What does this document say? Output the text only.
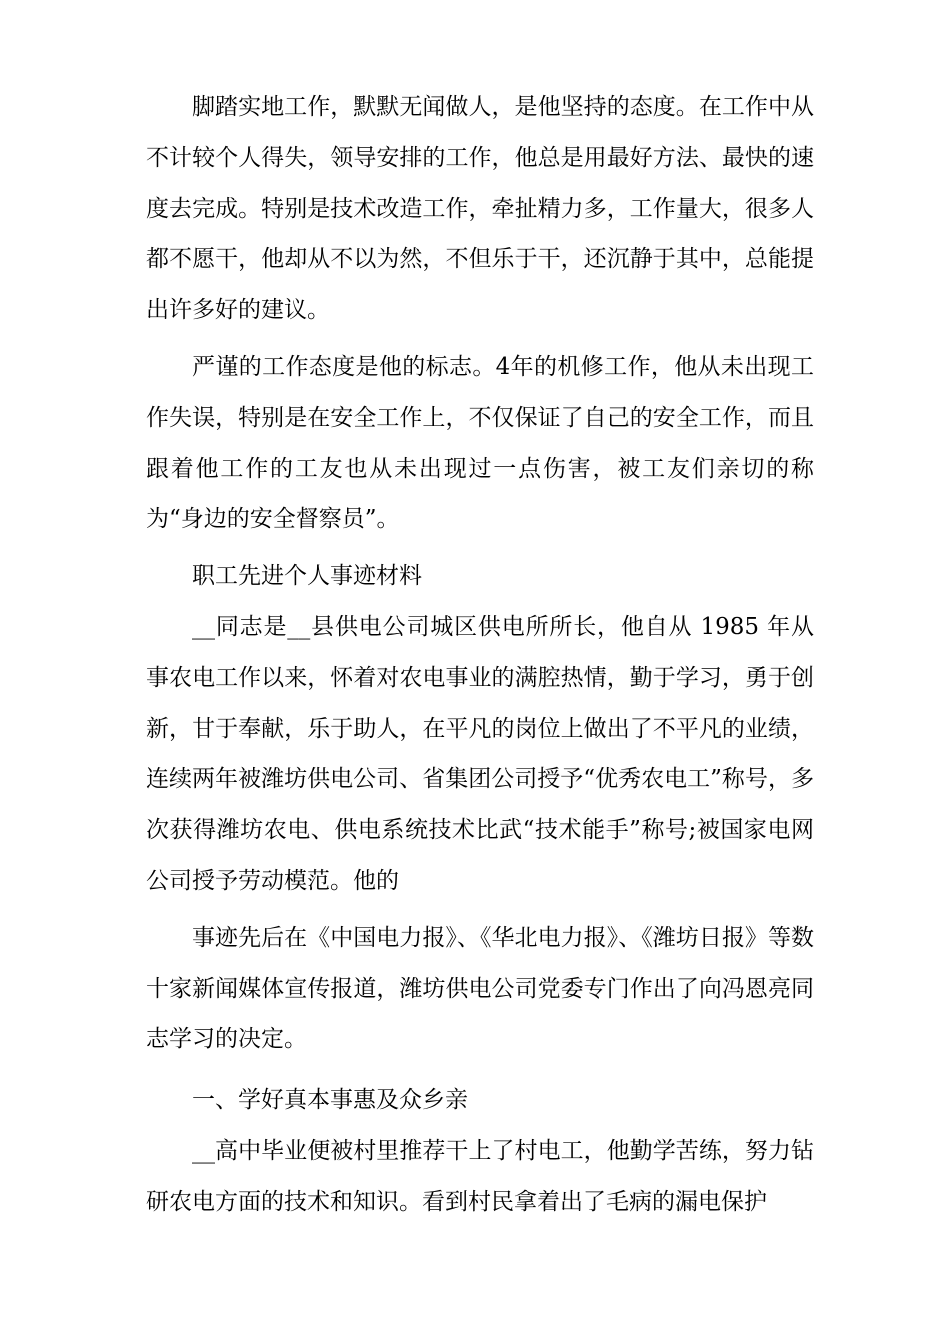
脚踏实地工作，默默无闻做人，是他坚持的态度。在工作中从不计较个人得失，领导安排的工作，他总是用最好方法、最快的速度去完成。特别是技术改造工作，牵扯精力多，工作量大，很多人都不愿干，他却从不以为然，不但乐于干，还沉静于其中，总能提出许多好的建议。

严谨的工作态度是他的标志。4年的机修工作，他从未出现工作失误，特别是在安全工作上，不仅保证了自己的安全工作，而且跟着他工作的工友也从未出现过一点伤害，被工友们亲切的称为“身边的安全督察员”。

职工先进个人事迹材料

__同志是__县供电公司城区供电所所长，他自从 1985 年从事农电工作以来，怀着对农电事业的满腔热情，勤于学习，勇于创新，甘于奉献，乐于助人，在平凡的岗位上做出了不平凡的业绩，连续两年被潍坊供电公司、省集团公司授予“优秀农电工”称号，多次获得潍坊农电、供电系统技术比武“技术能手”称号;被国家电网公司授予劳动模范。他的

事迹先后在《中国电力报》、《华北电力报》、《潍坊日报》等数十家新闻媒体宣传报道，潍坊供电公司党委专门作出了向冯恩亮同志学习的决定。

一、学好真本事惠及众乡亲

__高中毕业便被村里推荐干上了村电工，他勤学苦练，努力钻研农电方面的技术和知识。看到村民拿着出了毛病的漏电保护
